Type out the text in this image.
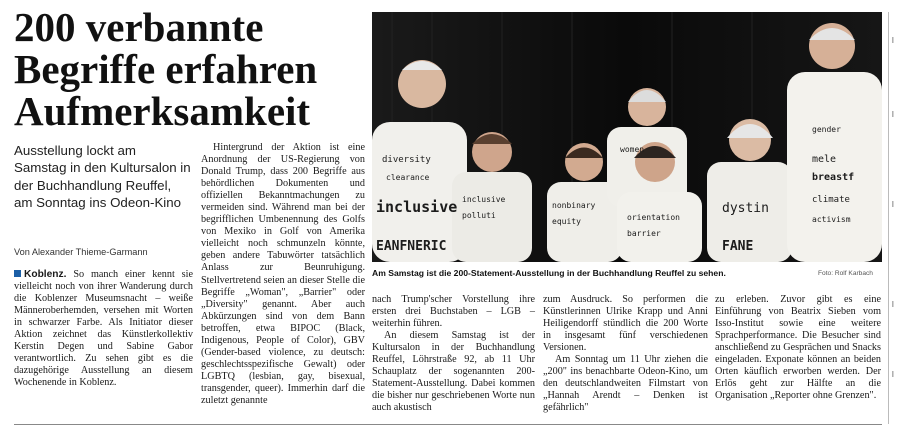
200 verbannte
Begriffe erfahren
Aufmerksamkeit

Ausstellung lockt am Samstag in den Kultursalon in der Buchhandlung Reuffel, am Sonntag ins Odeon-Kino

Von Alexander Thieme-Garmann

Koblenz. So manch einer kennt sie vielleicht noch von ihrer Wanderung durch die Koblenzer Museumsnacht – weiße Männeroberhemden, versehen mit Worten in schwarzer Farbe. Als Initiator dieser Aktion zeichnet das Künstlerkollektiv Kerstin Degen und Sabine Gabor verantwortlich. Zu sehen gibt es die dazugehörige Ausstellung an diesem Wochenende in Koblenz.

Hintergrund der Aktion ist eine Anordnung der US-Regierung von Donald Trump, dass 200 Begriffe aus behördlichen Dokumenten und offiziellen Bekanntmachungen zu vermeiden sind. Während man bei der begrifflichen Umbenennung des Golfs von Mexiko in Golf von Amerika vielleicht noch schmunzeln könnte, geben andere Tabuwörter tatsächlich Anlass zur Beunruhigung. Stellvertretend seien an dieser Stelle die Begriffe „Woman", „Barrier" oder „Diversity" genannt. Aber auch Abkürzungen sind von dem Bann betroffen, etwa BIPOC (Black, Indigenous, People of Color), GBV (Gender-based violence, zu deutsch: geschlechtsspezifische Gewalt) oder LGBTQ (lesbian, gay, bisexual, transgender, queer). Immerhin darf die zuletzt genannte

diversity
clearance
inclusive
EANFNERIC
mele
breastf
climate
dystin
FANE
inclusive
polluti
nonbinary
equity	orientation
barrier
women
gender
activism
Am Samstag ist die 200-Statement-Ausstellung in der Buchhandlung Reuffel zu sehen.	Foto: Rolf Karbach

nach Trump'scher Vorstellung ihre ersten drei Buchstaben – LGB – weiterhin führen.

An diesem Samstag ist der Kultursalon in der Buchhandlung Reuffel, Löhrstraße 92, ab 11 Uhr Schauplatz der sogenannten 200-Statement-Ausstellung. Dabei kommen die bisher nur geschriebenen Worte nun auch akustisch

zum Ausdruck. So performen die Künstlerinnen Ulrike Krapp und Anni Heiligendorff stündlich die 200 Worte in insgesamt fünf verschiedenen Versionen.

Am Sonntag um 11 Uhr ziehen die „200" ins benachbarte Odeon-Kino, um den deutschlandweiten Filmstart von „Hannah Arendt – Denken ist gefährlich"

zu erleben. Zuvor gibt es eine Einführung von Beatrix Sieben vom Isso-Institut sowie eine weitere Sprachperformance. Die Besucher sind anschließend zu Gesprächen und Snacks eingeladen. Exponate können an beiden Orten käuflich erworben werden. Der Erlös geht zur Hälfte an die Organisation „Reporter ohne Grenzen".

l
l
l
l
l
